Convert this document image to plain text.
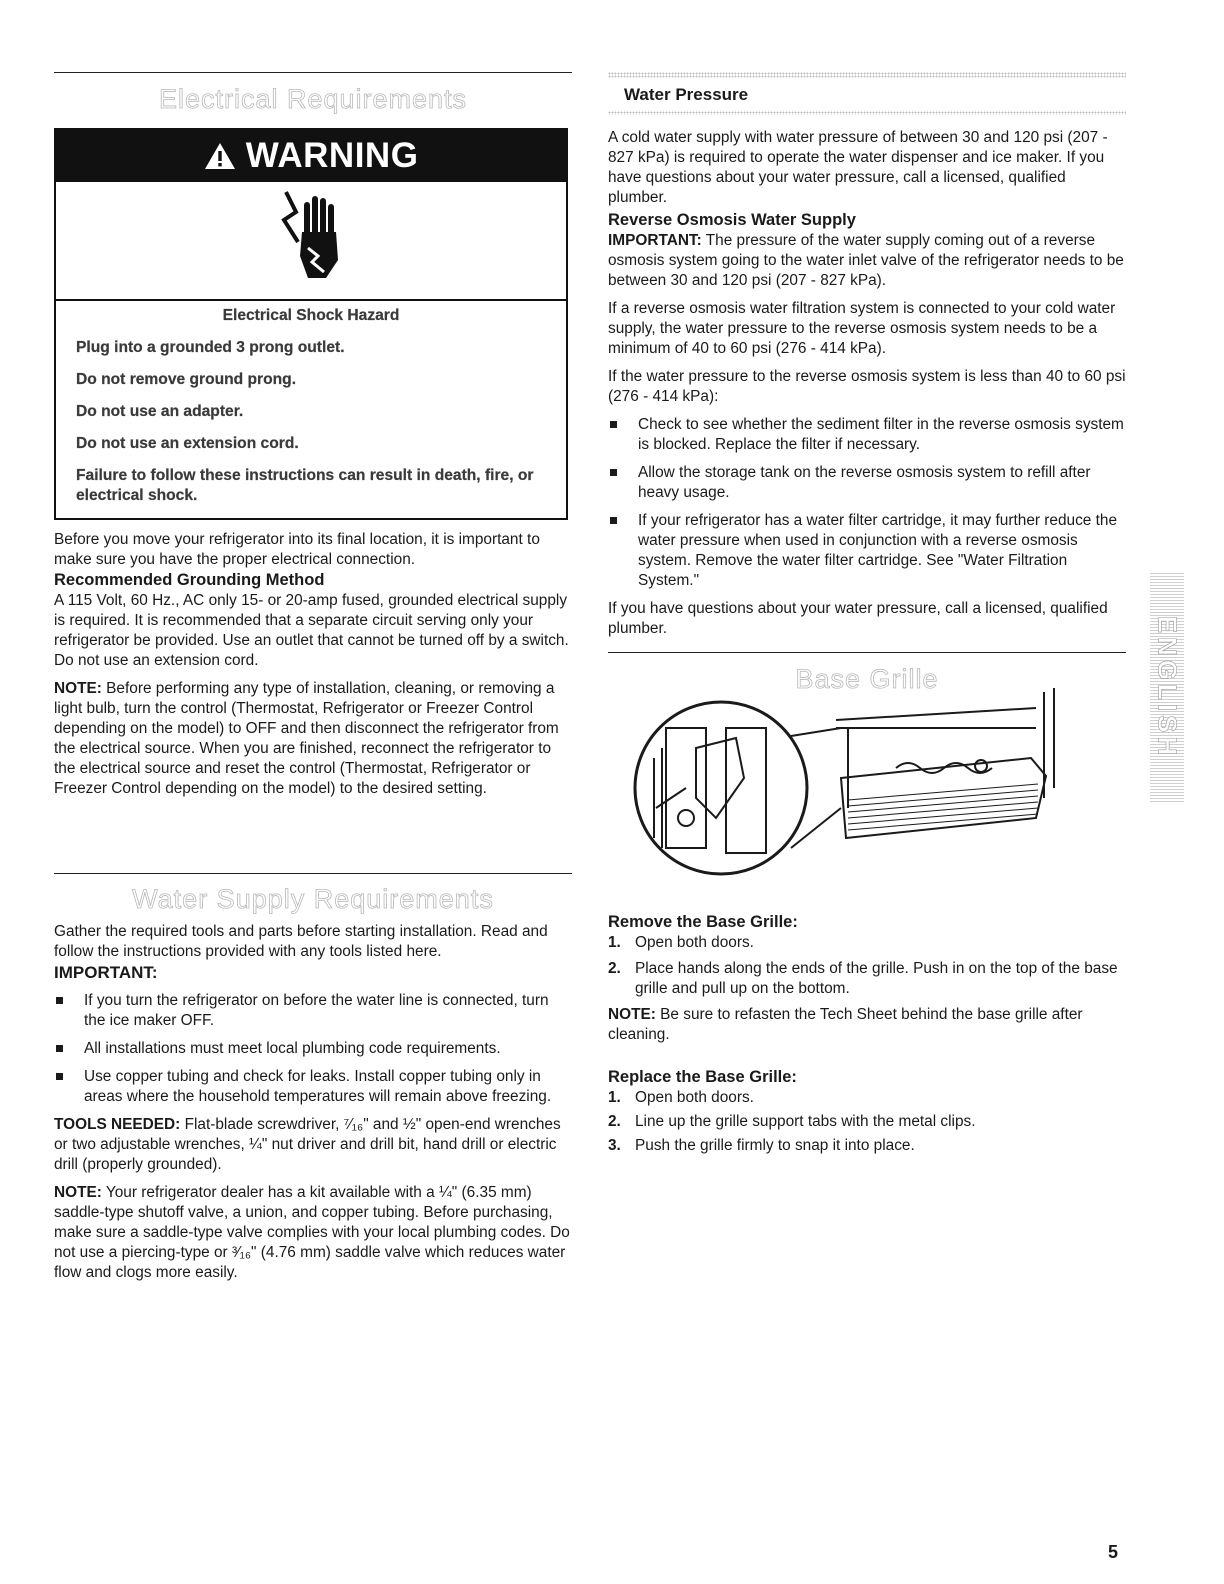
Electrical Requirements
WARNING

Electrical Shock Hazard

Plug into a grounded 3 prong outlet.

Do not remove ground prong.

Do not use an adapter.

Do not use an extension cord.

Failure to follow these instructions can result in death, fire, or electrical shock.

Before you move your refrigerator into its final location, it is important to make sure you have the proper electrical connection.

Recommended Grounding Method

A 115 Volt, 60 Hz., AC only 15- or 20-amp fused, grounded electrical supply is required. It is recommended that a separate circuit serving only your refrigerator be provided. Use an outlet that cannot be turned off by a switch. Do not use an extension cord.

NOTE: Before performing any type of installation, cleaning, or removing a light bulb, turn the control (Thermostat, Refrigerator or Freezer Control depending on the model) to OFF and then disconnect the refrigerator from the electrical source. When you are finished, reconnect the refrigerator to the electrical source and reset the control (Thermostat, Refrigerator or Freezer Control depending on the model) to the desired setting.

Water Supply Requirements

Gather the required tools and parts before starting installation. Read and follow the instructions provided with any tools listed here.

IMPORTANT:

If you turn the refrigerator on before the water line is connected, turn the ice maker OFF.
All installations must meet local plumbing code requirements.
Use copper tubing and check for leaks. Install copper tubing only in areas where the household temperatures will remain above freezing.

TOOLS NEEDED: Flat-blade screwdriver, ⁷⁄₁₆" and ½" open-end wrenches or two adjustable wrenches, ¼" nut driver and drill bit, hand drill or electric drill (properly grounded).

NOTE: Your refrigerator dealer has a kit available with a ¼" (6.35 mm) saddle-type shutoff valve, a union, and copper tubing. Before purchasing, make sure a saddle-type valve complies with your local plumbing codes. Do not use a piercing-type or ³⁄₁₆" (4.76 mm) saddle valve which reduces water flow and clogs more easily.

Water Pressure

A cold water supply with water pressure of between 30 and 120 psi (207 - 827 kPa) is required to operate the water dispenser and ice maker. If you have questions about your water pressure, call a licensed, qualified plumber.

Reverse Osmosis Water Supply

IMPORTANT: The pressure of the water supply coming out of a reverse osmosis system going to the water inlet valve of the refrigerator needs to be between 30 and 120 psi (207 - 827 kPa).

If a reverse osmosis water filtration system is connected to your cold water supply, the water pressure to the reverse osmosis system needs to be a minimum of 40 to 60 psi (276 - 414 kPa).

If the water pressure to the reverse osmosis system is less than 40 to 60 psi (276 - 414 kPa):

Check to see whether the sediment filter in the reverse osmosis system is blocked. Replace the filter if necessary.
Allow the storage tank on the reverse osmosis system to refill after heavy usage.
If your refrigerator has a water filter cartridge, it may further reduce the water pressure when used in conjunction with a reverse osmosis system. Remove the water filter cartridge. See "Water Filtration System."

If you have questions about your water pressure, call a licensed, qualified plumber.

Base Grille

Remove the Base Grille:

1. Open both doors.
2. Place hands along the ends of the grille. Push in on the top of the base grille and pull up on the bottom.

NOTE: Be sure to refasten the Tech Sheet behind the base grille after cleaning.

Replace the Base Grille:

1. Open both doors.
2. Line up the grille support tabs with the metal clips.
3. Push the grille firmly to snap it into place.
ENGLISH
5
